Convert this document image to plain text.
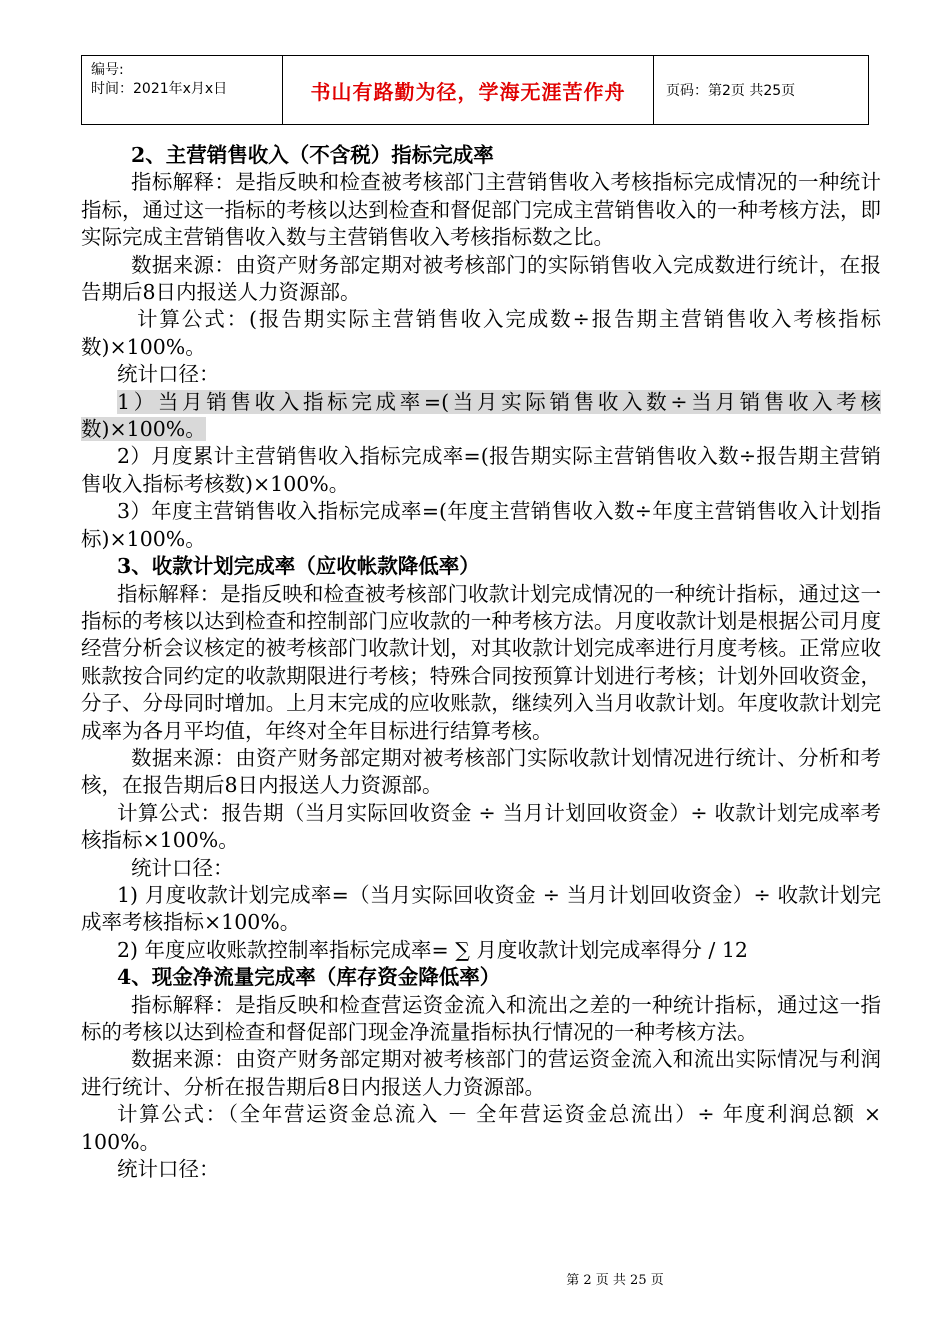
编号:
时间：2021年x月x日	书山有路勤为径，学海无涯苦作舟	页码：第2页 共25页

2、主营销售收入（不含税）指标完成率

指标解释：是指反映和检查被考核部门主营销售收入考核指标完成情况的一种统计指标，通过这一指标的考核以达到检查和督促部门完成主营销售收入的一种考核方法，即实际完成主营销售收入数与主营销售收入考核指标数之比。

数据来源：由资产财务部定期对被考核部门的实际销售收入完成数进行统计，在报告期后8日内报送人力资源部。

计算公式：(报告期实际主营销售收入完成数÷报告期主营销售收入考核指标数)×100%。

统计口径：

1）当月销售收入指标完成率=(当月实际销售收入数÷当月销售收入考核数)×100%。

2）月度累计主营销售收入指标完成率=(报告期实际主营销售收入数÷报告期主营销售收入指标考核数)×100%。

3）年度主营销售收入指标完成率=(年度主营销售收入数÷年度主营销售收入计划指标)×100%。

3、收款计划完成率（应收帐款降低率）

指标解释：是指反映和检查被考核部门收款计划完成情况的一种统计指标，通过这一指标的考核以达到检查和控制部门应收款的一种考核方法。月度收款计划是根据公司月度经营分析会议核定的被考核部门收款计划，对其收款计划完成率进行月度考核。正常应收账款按合同约定的收款期限进行考核；特殊合同按预算计划进行考核；计划外回收资金，分子、分母同时增加。上月末完成的应收账款，继续列入当月收款计划。年度收款计划完成率为各月平均值，年终对全年目标进行结算考核。

数据来源：由资产财务部定期对被考核部门实际收款计划情况进行统计、分析和考核，在报告期后8日内报送人力资源部。

计算公式：报告期（当月实际回收资金 ÷ 当月计划回收资金）÷ 收款计划完成率考核指标×100%。

统计口径：

1) 月度收款计划完成率=（当月实际回收资金 ÷ 当月计划回收资金）÷ 收款计划完成率考核指标×100%。

2) 年度应收账款控制率指标完成率= ∑ 月度收款计划完成率得分 / 12

4、现金净流量完成率（库存资金降低率）

指标解释：是指反映和检查营运资金流入和流出之差的一种统计指标，通过这一指标的考核以达到检查和督促部门现金净流量指标执行情况的一种考核方法。

数据来源：由资产财务部定期对被考核部门的营运资金流入和流出实际情况与利润进行统计、分析在报告期后8日内报送人力资源部。

计算公式：（全年营运资金总流入 － 全年营运资金总流出）÷ 年度利润总额 × 100%。

统计口径：

第 2 页 共 25 页
